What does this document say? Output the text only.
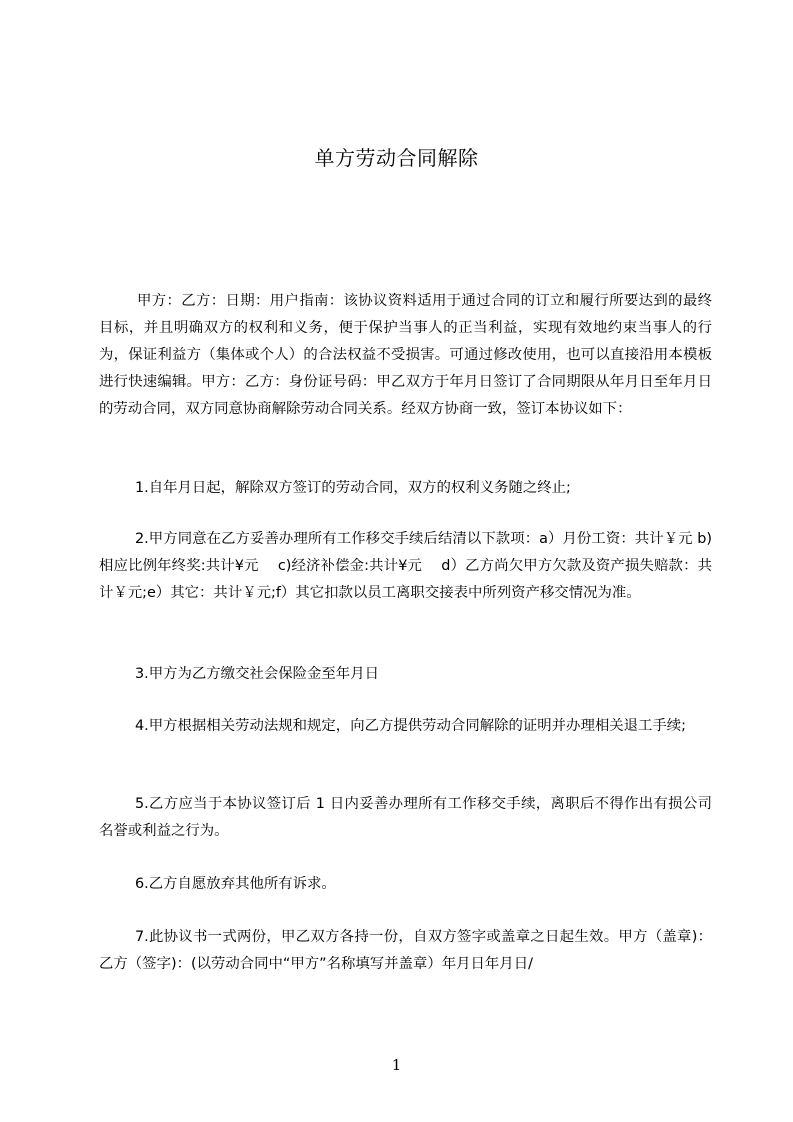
单方劳动合同解除
甲方：乙方：日期：用户指南：该协议资料适用于通过合同的订立和履行所要达到的最终目标，并且明确双方的权利和义务，便于保护当事人的正当利益，实现有效地约束当事人的行为，保证利益方（集体或个人）的合法权益不受损害。可通过修改使用，也可以直接沿用本模板进行快速编辑。甲方：乙方：身份证号码：甲乙双方于年月日签订了合同期限从年月日至年月日的劳动合同，双方同意协商解除劳动合同关系。经双方协商一致，签订本协议如下：
1.自年月日起，解除双方签订的劳动合同，双方的权利义务随之终止;
2.甲方同意在乙方妥善办理所有工作移交手续后结清以下款项：a）月份工资：共计￥元 b)相应比例年终奖:共计¥元　 c)经济补偿金:共计¥元　 d）乙方尚欠甲方欠款及资产损失赔款：共计￥元;e）其它：共计￥元;f）其它扣款以员工离职交接表中所列资产移交情况为准。
3.甲方为乙方缴交社会保险金至年月日
4.甲方根据相关劳动法规和规定，向乙方提供劳动合同解除的证明并办理相关退工手续;
5.乙方应当于本协议签订后 1 日内妥善办理所有工作移交手续，离职后不得作出有损公司名誉或利益之行为。
6.乙方自愿放弃其他所有诉求。
7.此协议书一式两份，甲乙双方各持一份，自双方签字或盖章之日起生效。甲方（盖章)：乙方（签字)：(以劳动合同中“甲方”名称填写并盖章）年月日年月日/
1
